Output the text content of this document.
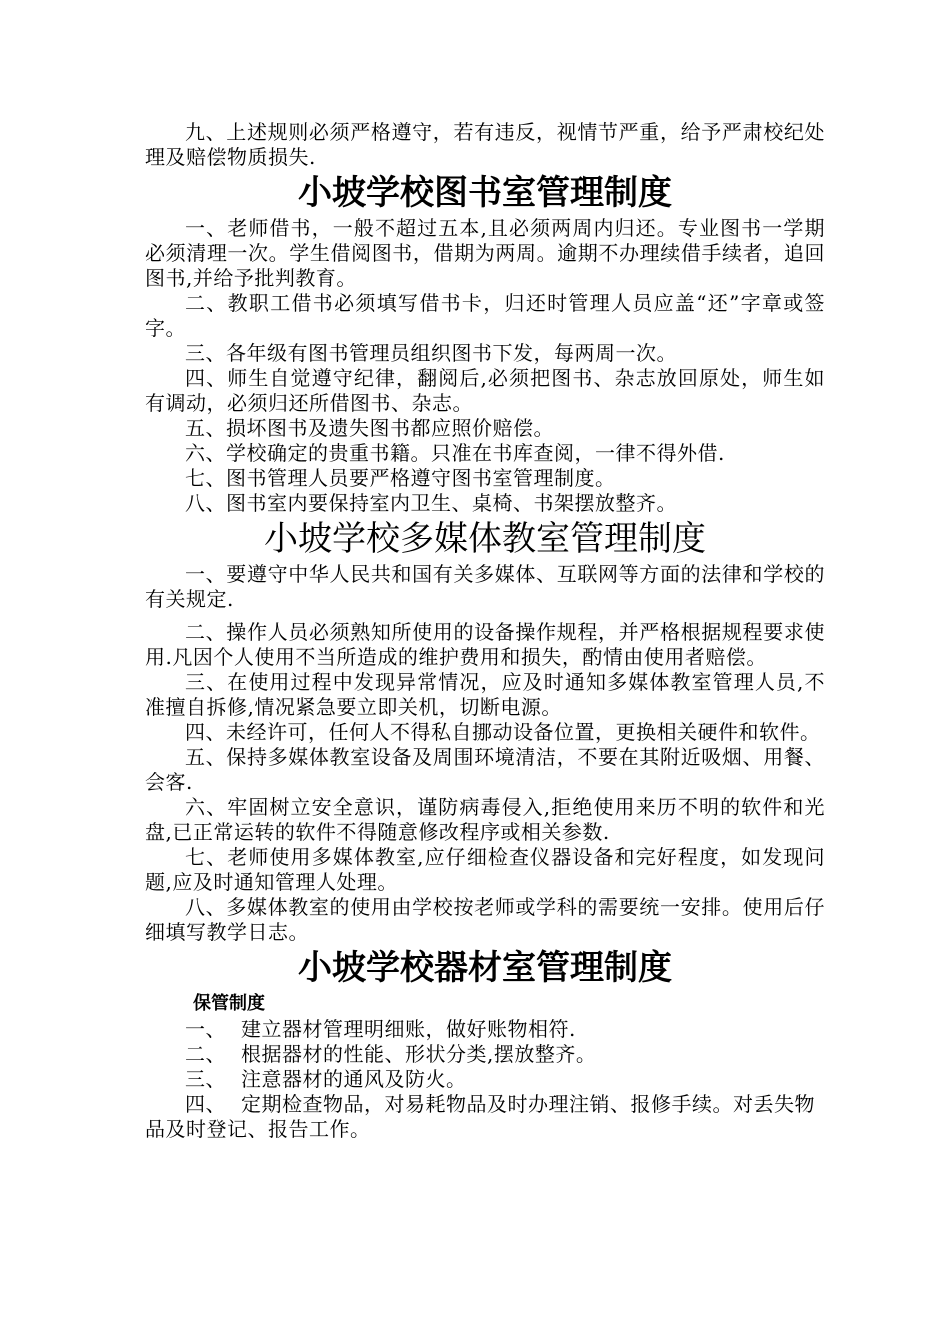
九、上述规则必须严格遵守，若有违反，视情节严重，给予严肃校纪处理及赔偿物质损失.

小坡学校图书室管理制度

一、老师借书，一般不超过五本,且必须两周内归还。专业图书一学期必须清理一次。学生借阅图书，借期为两周。逾期不办理续借手续者，追回图书,并给予批判教育。

二、教职工借书必须填写借书卡，归还时管理人员应盖“还”字章或签字。

三、各年级有图书管理员组织图书下发，每两周一次。

四、师生自觉遵守纪律，翻阅后,必须把图书、杂志放回原处，师生如有调动，必须归还所借图书、杂志。

五、损坏图书及遗失图书都应照价赔偿。

六、学校确定的贵重书籍。只准在书库查阅，一律不得外借.

七、图书管理人员要严格遵守图书室管理制度。

八、图书室内要保持室内卫生、桌椅、书架摆放整齐。

小坡学校多媒体教室管理制度

一、要遵守中华人民共和国有关多媒体、互联网等方面的法律和学校的有关规定.

二、操作人员必须熟知所使用的设备操作规程，并严格根据规程要求使用.凡因个人使用不当所造成的维护费用和损失，酌情由使用者赔偿。

三、在使用过程中发现异常情况，应及时通知多媒体教室管理人员,不准擅自拆修,情况紧急要立即关机，切断电源。

四、未经许可，任何人不得私自挪动设备位置，更换相关硬件和软件。

五、保持多媒体教室设备及周围环境清洁，不要在其附近吸烟、用餐、会客.

六、牢固树立安全意识，谨防病毒侵入,拒绝使用来历不明的软件和光盘,已正常运转的软件不得随意修改程序或相关参数.

七、老师使用多媒体教室,应仔细检查仪器设备和完好程度，如发现问题,应及时通知管理人处理。

八、多媒体教室的使用由学校按老师或学科的需要统一安排。使用后仔细填写教学日志。

小坡学校器材室管理制度

保管制度

一、 建立器材管理明细账，做好账物相符.

二、 根据器材的性能、形状分类,摆放整齐。

三、 注意器材的通风及防火。

四、 定期检查物品，对易耗物品及时办理注销、报修手续。对丢失物品及时登记、报告工作。
